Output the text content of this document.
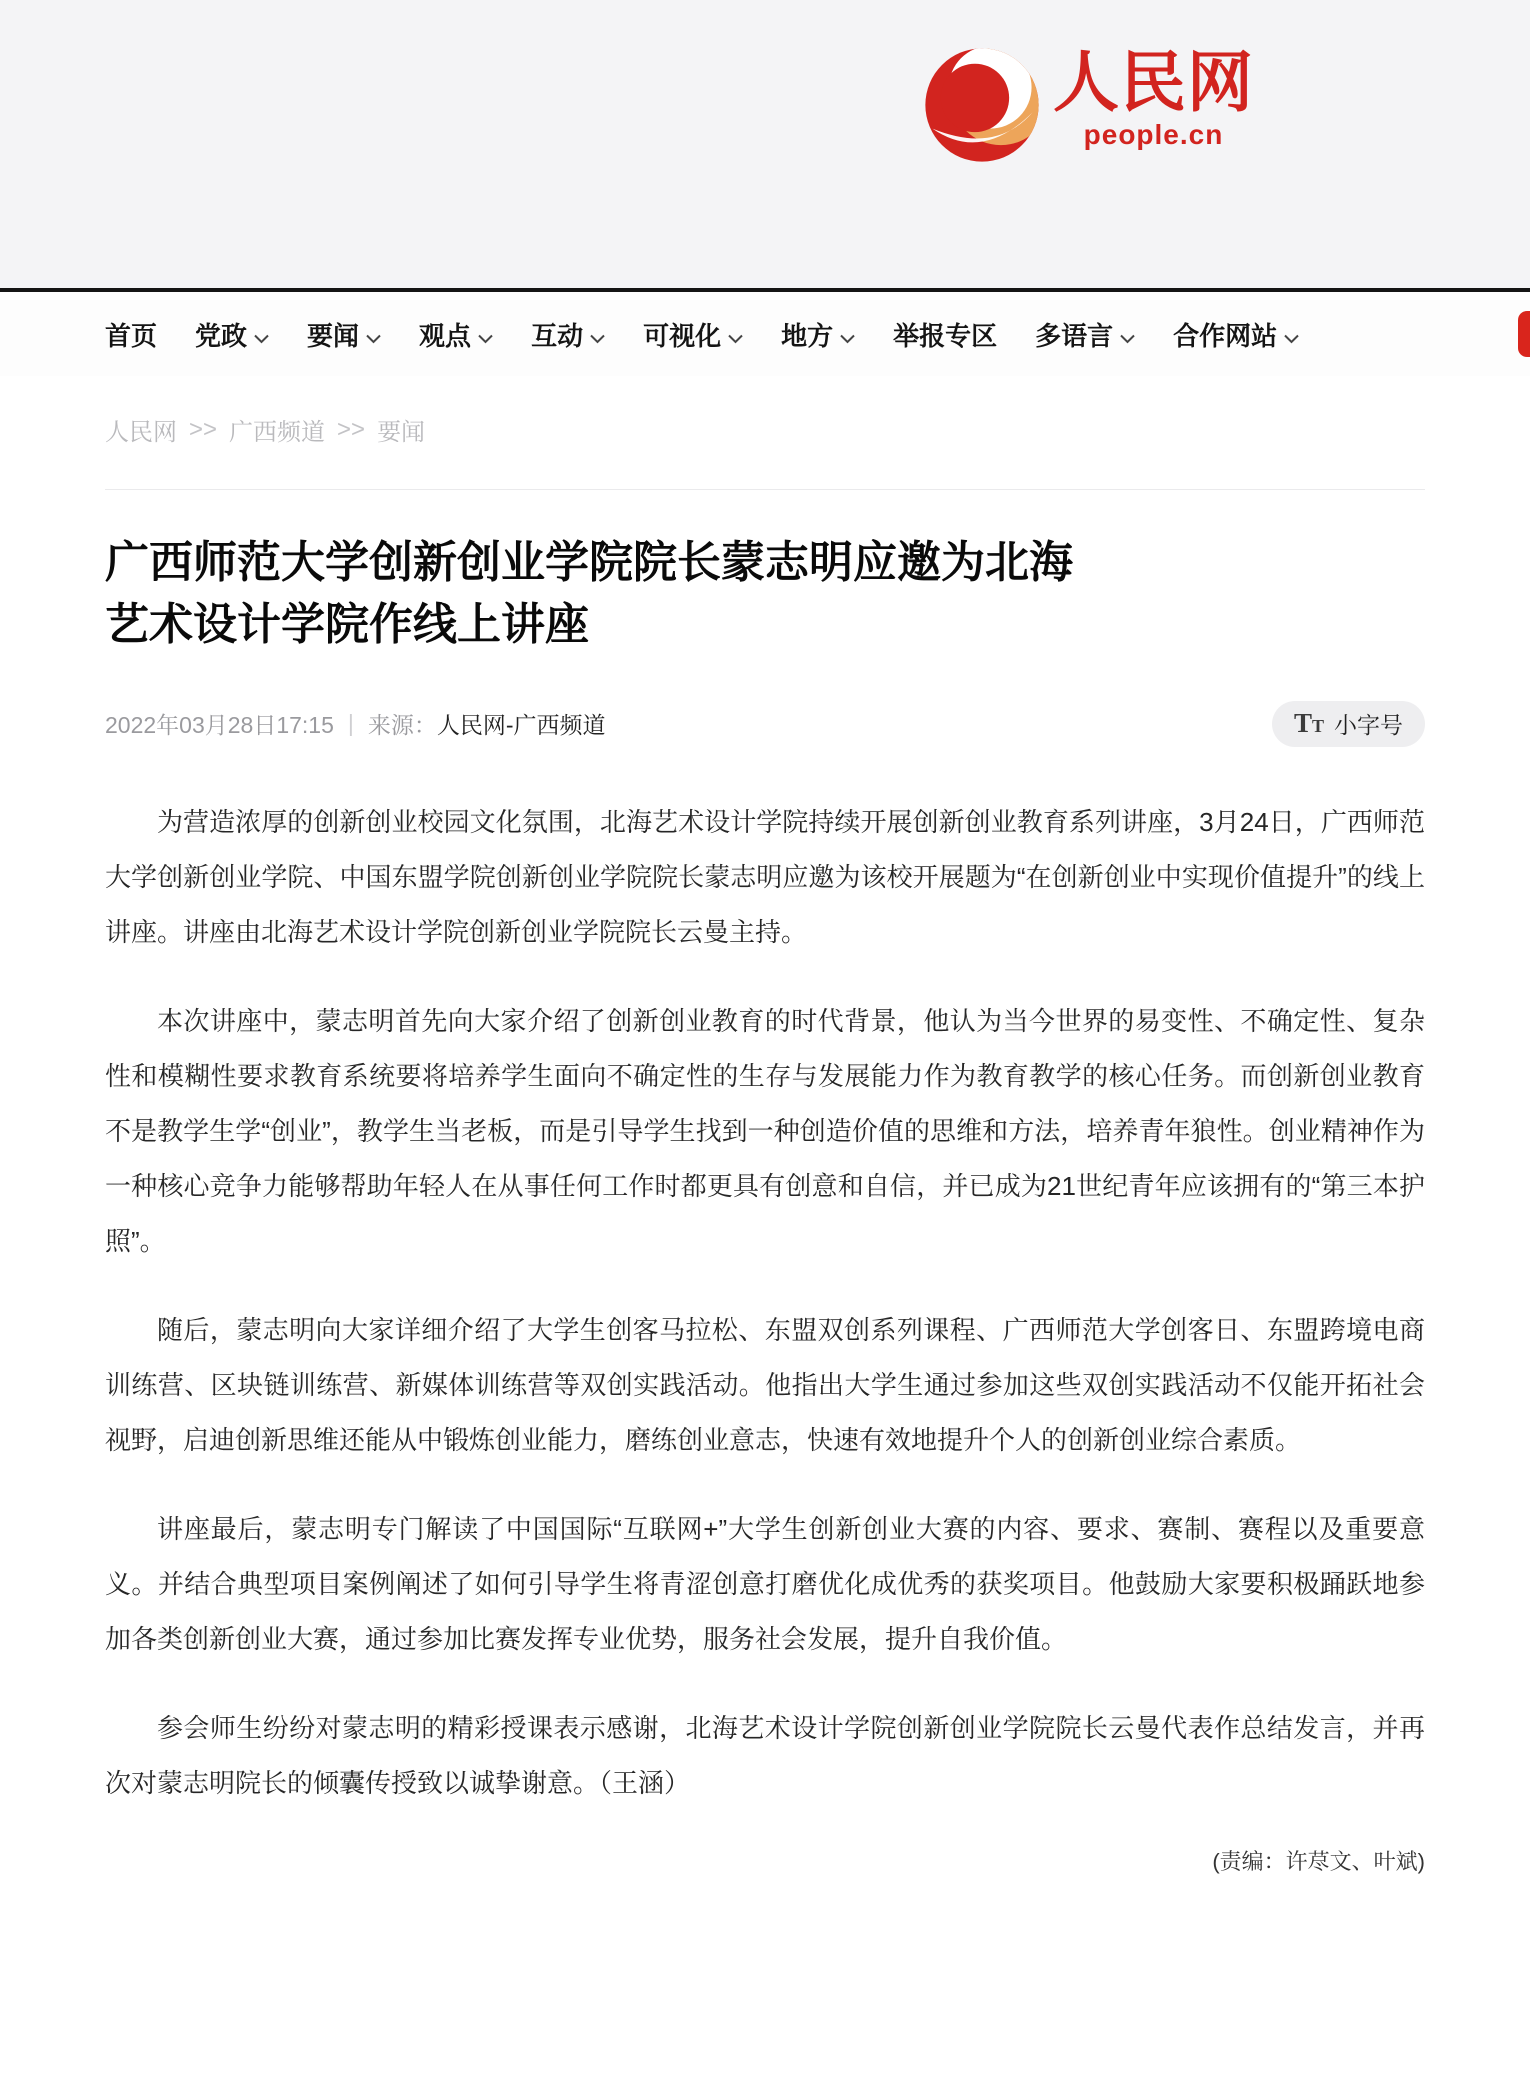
人民网
people.cn
首页 党政 要闻 观点 互动 可视化 地方 举报专区 多语言 合作网站
人民网 >> 广西频道 >> 要闻
广西师范大学创新创业学院院长蒙志明应邀为北海艺术设计学院作线上讲座
2022年03月28日17:15 | 来源： 人民网-广西频道	T T 小字号

为营造浓厚的创新创业校园文化氛围，北海艺术设计学院持续开展创新创业教育系列讲座，3月24日，广西师范大学创新创业学院、中国东盟学院创新创业学院院长蒙志明应邀为该校开展题为“在创新创业中实现价值提升”的线上讲座。讲座由北海艺术设计学院创新创业学院院长云曼主持。

本次讲座中，蒙志明首先向大家介绍了创新创业教育的时代背景，他认为当今世界的易变性、不确定性、复杂性和模糊性要求教育系统要将培养学生面向不确定性的生存与发展能力作为教育教学的核心任务。而创新创业教育不是教学生学“创业”，教学生当老板，而是引导学生找到一种创造价值的思维和方法，培养青年狼性。创业精神作为一种核心竞争力能够帮助年轻人在从事任何工作时都更具有创意和自信，并已成为21世纪青年应该拥有的“第三本护照”。

随后，蒙志明向大家详细介绍了大学生创客马拉松、东盟双创系列课程、广西师范大学创客日、东盟跨境电商训练营、区块链训练营、新媒体训练营等双创实践活动。他指出大学生通过参加这些双创实践活动不仅能开拓社会视野，启迪创新思维还能从中锻炼创业能力，磨练创业意志，快速有效地提升个人的创新创业综合素质。

讲座最后，蒙志明专门解读了中国国际“互联网+”大学生创新创业大赛的内容、要求、赛制、赛程以及重要意义。并结合典型项目案例阐述了如何引导学生将青涩创意打磨优化成优秀的获奖项目。他鼓励大家要积极踊跃地参加各类创新创业大赛，通过参加比赛发挥专业优势，服务社会发展，提升自我价值。

参会师生纷纷对蒙志明的精彩授课表示感谢，北海艺术设计学院创新创业学院院长云曼代表作总结发言，并再次对蒙志明院长的倾囊传授致以诚挚谢意。（王涵）

(责编：许荩文、叶斌)
